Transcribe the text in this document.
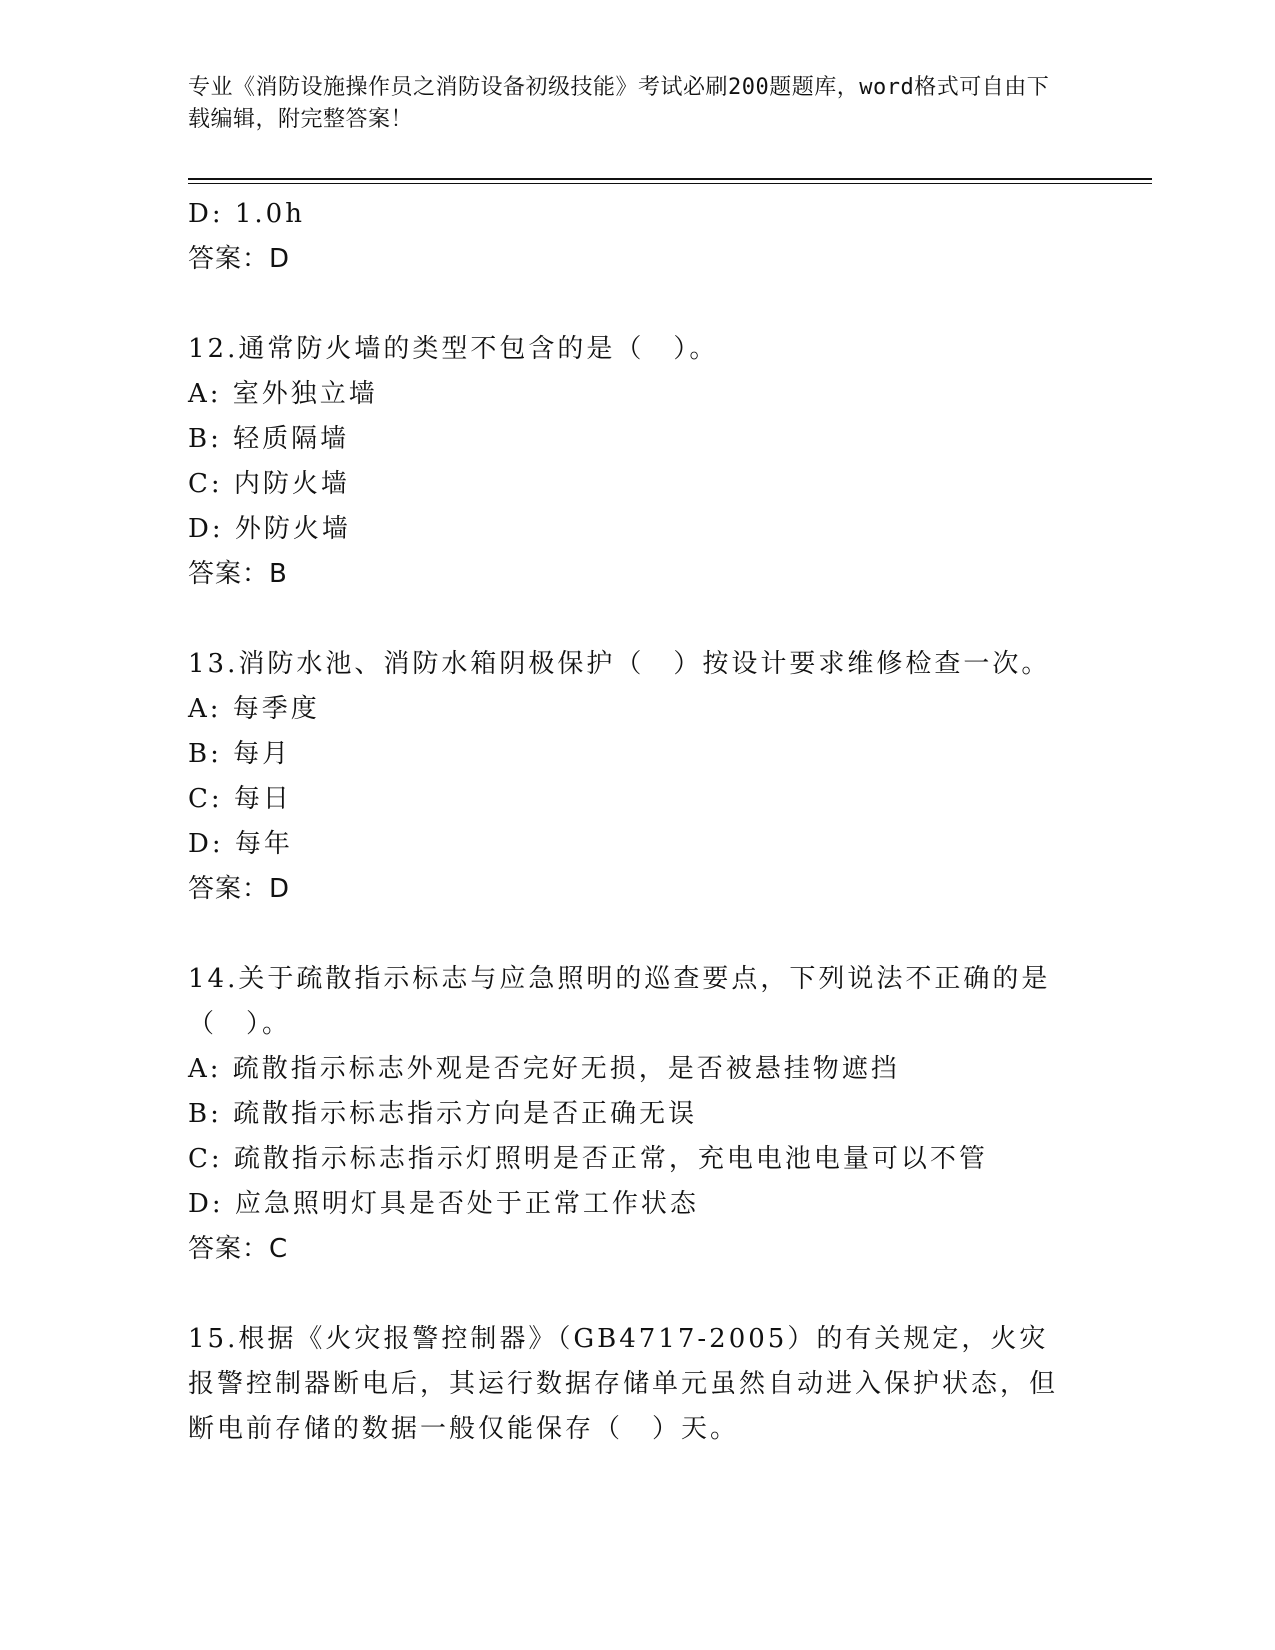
专业《消防设施操作员之消防设备初级技能》考试必刷200题题库，word格式可自由下载编辑，附完整答案！
D: 1.0h
答案：D
12.通常防火墙的类型不包含的是（　）。
A: 室外独立墙
B: 轻质隔墙
C: 内防火墙
D: 外防火墙
答案：B
13.消防水池、消防水箱阴极保护（　）按设计要求维修检查一次。
A: 每季度
B: 每月
C: 每日
D: 每年
答案：D
14.关于疏散指示标志与应急照明的巡查要点，下列说法不正确的是（　）。
A: 疏散指示标志外观是否完好无损，是否被悬挂物遮挡
B: 疏散指示标志指示方向是否正确无误
C: 疏散指示标志指示灯照明是否正常，充电电池电量可以不管
D: 应急照明灯具是否处于正常工作状态
答案：C
15.根据《火灾报警控制器》（GB4717-2005）的有关规定，火灾报警控制器断电后，其运行数据存储单元虽然自动进入保护状态，但断电前存储的数据一般仅能保存（　）天。
